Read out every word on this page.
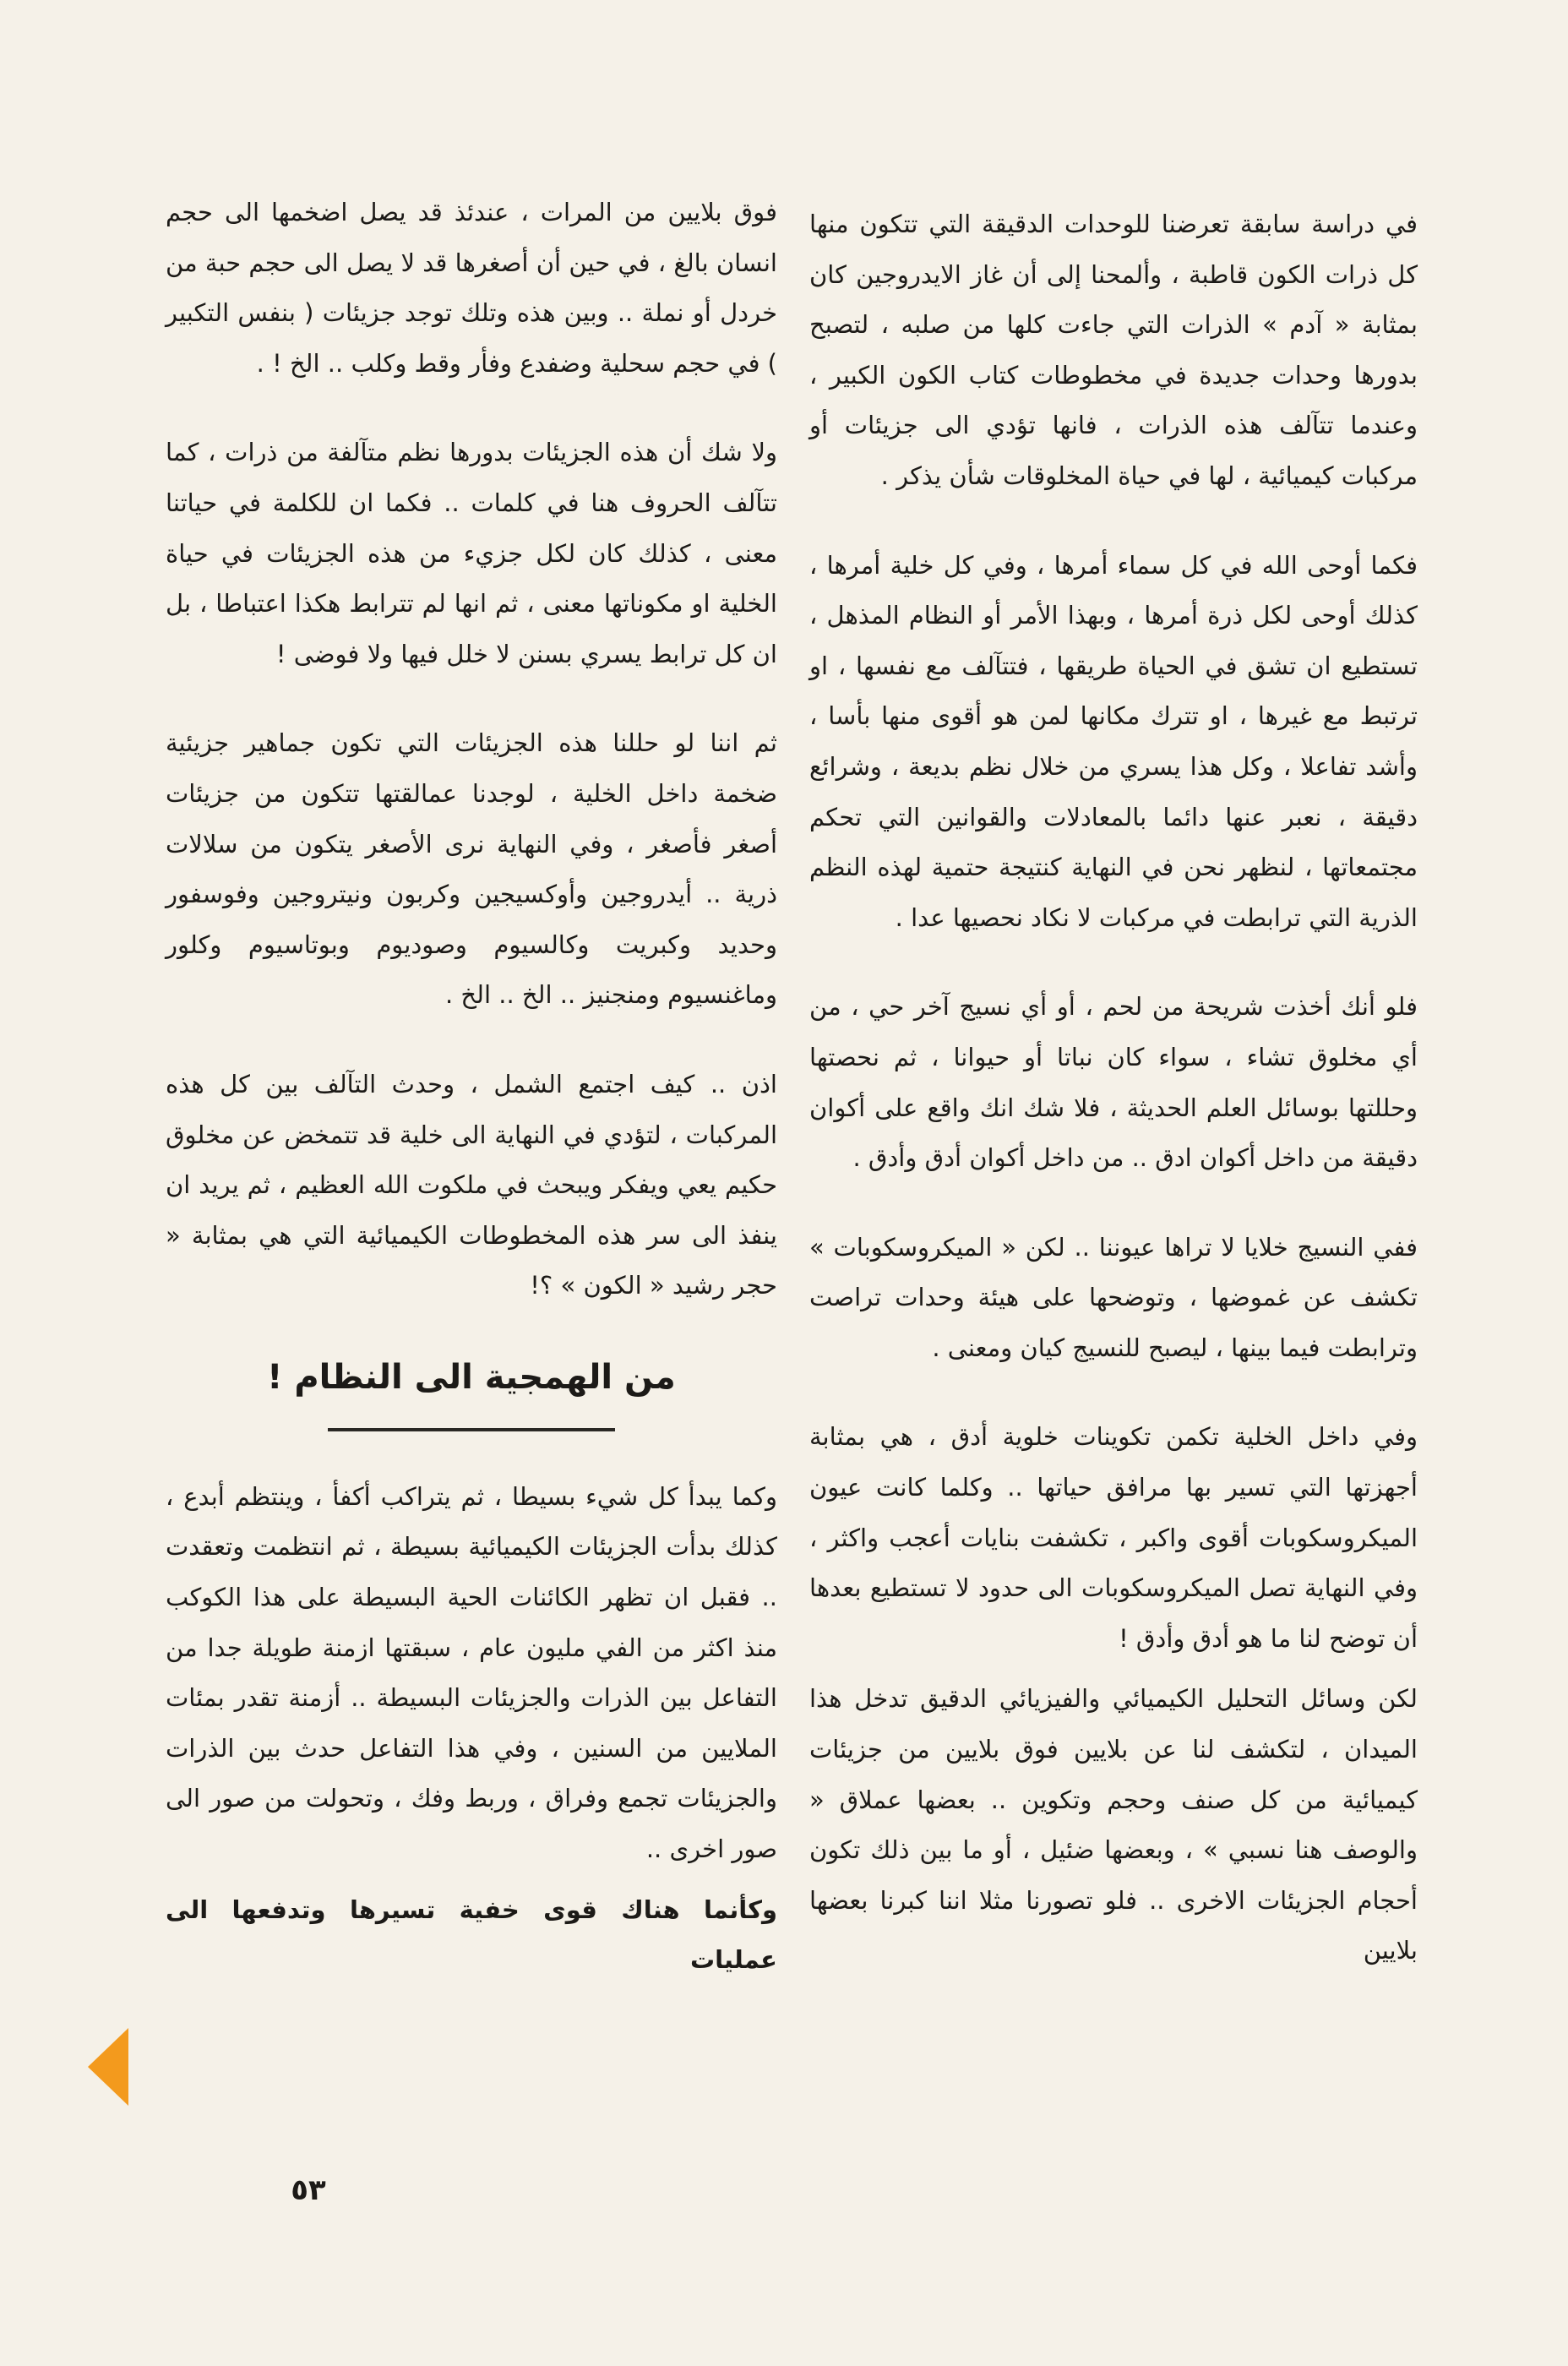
في دراسة سابقة تعرضنا للوحدات الدقيقة التي تتكون منها كل ذرات الكون قاطبة ، وألمحنا إلى أن غاز الايدروجين كان بمثابة « آدم » الذرات التي جاءت كلها من صلبه ، لتصبح بدورها وحدات جديدة في مخطوطات كتاب الكون الكبير ، وعندما تتآلف هذه الذرات ، فانها تؤدي الى جزيئات أو مركبات كيميائية ، لها في حياة المخلوقات شأن يذكر .

فكما أوحى الله في كل سماء أمرها ، وفي كل خلية أمرها ، كذلك أوحى لكل ذرة أمرها ، وبهذا الأمر أو النظام المذهل ، تستطيع ان تشق في الحياة طريقها ، فتتآلف مع نفسها ، او ترتبط مع غيرها ، او تترك مكانها لمن هو أقوى منها بأسا ، وأشد تفاعلا ، وكل هذا يسري من خلال نظم بديعة ، وشرائع دقيقة ، نعبر عنها دائما بالمعادلات والقوانين التي تحكم مجتمعاتها ، لنظهر نحن في النهاية كنتيجة حتمية لهذه النظم الذرية التي ترابطت في مركبات لا نكاد نحصيها عدا .

فلو أنك أخذت شريحة من لحم ، أو أي نسيج آخر حي ، من أي مخلوق تشاء ، سواء كان نباتا أو حيوانا ، ثم نحصتها وحللتها بوسائل العلم الحديثة ، فلا شك انك واقع على أكوان دقيقة من داخل أكوان ادق .. من داخل أكوان أدق وأدق .

ففي النسيج خلايا لا تراها عيوننا .. لكن « الميكروسكوبات » تكشف عن غموضها ، وتوضحها على هيئة وحدات تراصت وترابطت فيما بينها ، ليصبح للنسيج كيان ومعنى .

وفي داخل الخلية تكمن تكوينات خلوية أدق ، هي بمثابة أجهزتها التي تسير بها مرافق حياتها .. وكلما كانت عيون الميكروسكوبات أقوى واكبر ، تكشفت بنايات أعجب واكثر ، وفي النهاية تصل الميكروسكوبات الى حدود لا تستطيع بعدها أن توضح لنا ما هو أدق وأدق !

لكن وسائل التحليل الكيميائي والفيزيائي الدقيق تدخل هذا الميدان ، لتكشف لنا عن بلايين فوق بلايين من جزيئات كيميائية من كل صنف وحجم وتكوين .. بعضها عملاق « والوصف هنا نسبي » ، وبعضها ضئيل ، أو ما بين ذلك تكون أحجام الجزيئات الاخرى .. فلو تصورنا مثلا اننا كبرنا بعضها بلايين

فوق بلايين من المرات ، عندئذ قد يصل اضخمها الى حجم انسان بالغ ، في حين أن أصغرها قد لا يصل الى حجم حبة من خردل أو نملة .. وبين هذه وتلك توجد جزيئات ( بنفس التكبير ) في حجم سحلية وضفدع وفأر وقط وكلب .. الخ ! .

ولا شك أن هذه الجزيئات بدورها نظم متآلفة من ذرات ، كما تتآلف الحروف هنا في كلمات .. فكما ان للكلمة في حياتنا معنى ، كذلك كان لكل جزيء من هذه الجزيئات في حياة الخلية او مكوناتها معنى ، ثم انها لم تترابط هكذا اعتباطا ، بل ان كل ترابط يسري بسنن لا خلل فيها ولا فوضى !

ثم اننا لو حللنا هذه الجزيئات التي تكون جماهير جزيئية ضخمة داخل الخلية ، لوجدنا عمالقتها تتكون من جزيئات أصغر فأصغر ، وفي النهاية نرى الأصغر يتكون من سلالات ذرية .. أيدروجين وأوكسيجين وكربون ونيتروجين وفوسفور وحديد وكبريت وكالسيوم وصوديوم وبوتاسيوم وكلور وماغنسيوم ومنجنيز .. الخ .. الخ .

اذن .. كيف اجتمع الشمل ، وحدث التآلف بين كل هذه المركبات ، لتؤدي في النهاية الى خلية قد تتمخض عن مخلوق حكيم يعي ويفكر ويبحث في ملكوت الله العظيم ، ثم يريد ان ينفذ الى سر هذه المخطوطات الكيميائية التي هي بمثابة « حجر رشيد « الكون » ؟!

من الهمجية الى النظام !

وكما يبدأ كل شيء بسيطا ، ثم يتراكب أكفأ ، وينتظم أبدع ، كذلك بدأت الجزيئات الكيميائية بسيطة ، ثم انتظمت وتعقدت .. فقبل ان تظهر الكائنات الحية البسيطة على هذا الكوكب منذ اكثر من الفي مليون عام ، سبقتها ازمنة طويلة جدا من التفاعل بين الذرات والجزيئات البسيطة .. أزمنة تقدر بمئات الملايين من السنين ، وفي هذا التفاعل حدث بين الذرات والجزيئات تجمع وفراق ، وربط وفك ، وتحولت من صور الى صور اخرى ..

وكأنما هناك قوى خفية تسيرها وتدفعها الى عمليات

٥٣
